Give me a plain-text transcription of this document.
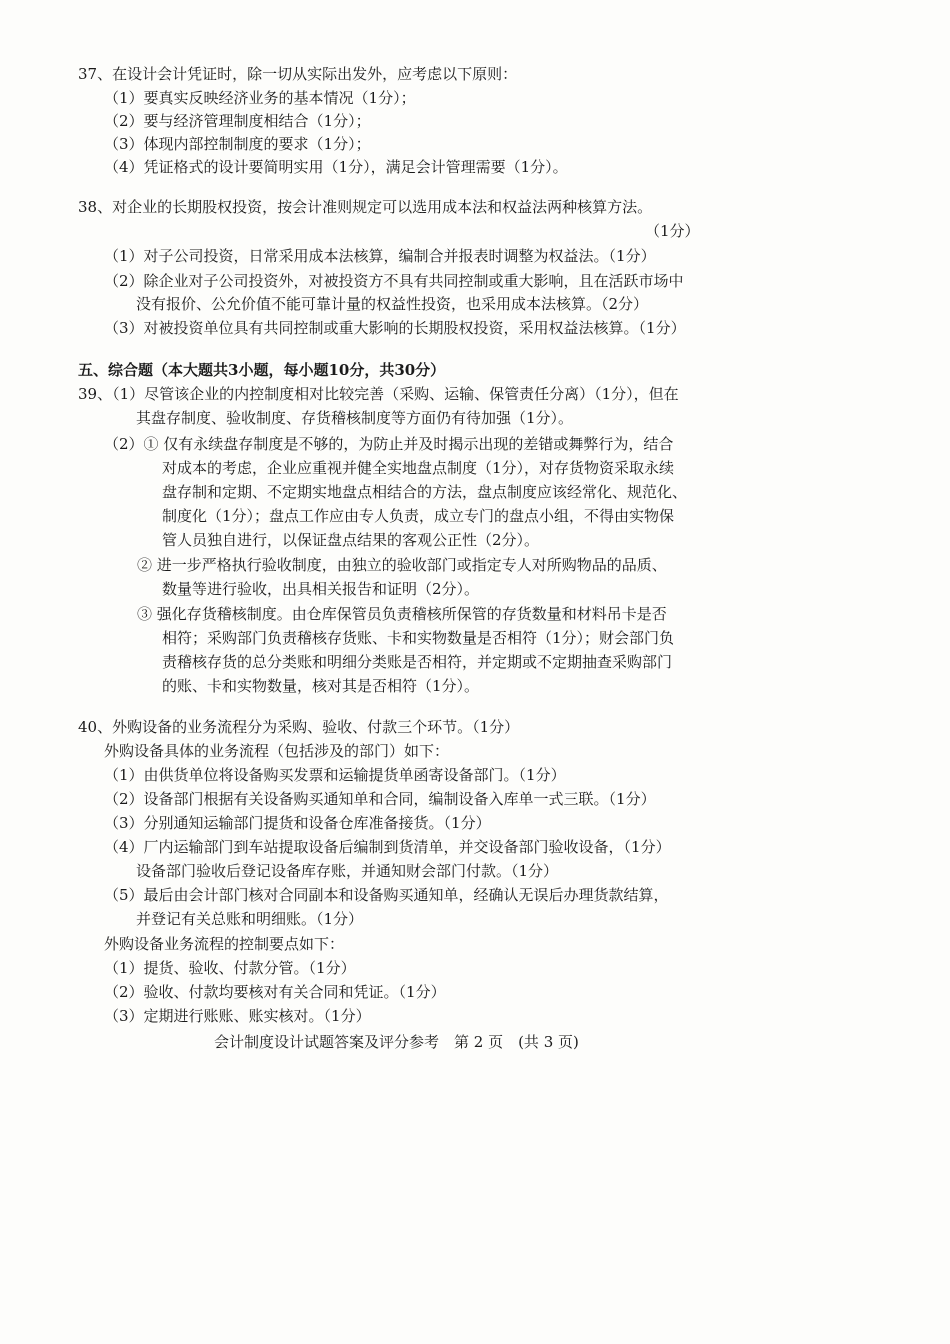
37、在设计会计凭证时，除一切从实际出发外，应考虑以下原则：
（1）要真实反映经济业务的基本情况（1分）；
（2）要与经济管理制度相结合（1分）；
（3）体现内部控制制度的要求（1分）；
（4）凭证格式的设计要简明实用（1分），满足会计管理需要（1分）。
38、对企业的长期股权投资，按会计准则规定可以选用成本法和权益法两种核算方法。
（1分）
（1）对子公司投资，日常采用成本法核算，编制合并报表时调整为权益法。（1分）
（2）除企业对子公司投资外，对被投资方不具有共同控制或重大影响，且在活跃市场中
没有报价、公允价值不能可靠计量的权益性投资，也采用成本法核算。（2分）
（3）对被投资单位具有共同控制或重大影响的长期股权投资，采用权益法核算。（1分）
五、综合题（本大题共3小题，每小题10分，共30分）
39、（1）尽管该企业的内控制度相对比较完善（采购、运输、保管责任分离）（1分），但在
其盘存制度、验收制度、存货稽核制度等方面仍有待加强（1分）。
（2）① 仅有永续盘存制度是不够的，为防止并及时揭示出现的差错或舞弊行为，结合
对成本的考虑，企业应重视并健全实地盘点制度（1分），对存货物资采取永续
盘存制和定期、不定期实地盘点相结合的方法，盘点制度应该经常化、规范化、
制度化（1分）；盘点工作应由专人负责，成立专门的盘点小组，不得由实物保
管人员独自进行，以保证盘点结果的客观公正性（2分）。
② 进一步严格执行验收制度，由独立的验收部门或指定专人对所购物品的品质、
数量等进行验收，出具相关报告和证明（2分）。
③ 强化存货稽核制度。由仓库保管员负责稽核所保管的存货数量和材料吊卡是否
相符；采购部门负责稽核存货账、卡和实物数量是否相符（1分）；财会部门负
责稽核存货的总分类账和明细分类账是否相符，并定期或不定期抽查采购部门
的账、卡和实物数量，核对其是否相符（1分）。
40、外购设备的业务流程分为采购、验收、付款三个环节。（1分）
外购设备具体的业务流程（包括涉及的部门）如下：
（1）由供货单位将设备购买发票和运输提货单函寄设备部门。（1分）
（2）设备部门根据有关设备购买通知单和合同，编制设备入库单一式三联。（1分）
（3）分别通知运输部门提货和设备仓库准备接货。（1分）
（4）厂内运输部门到车站提取设备后编制到货清单，并交设备部门验收设备，（1分）
设备部门验收后登记设备库存账，并通知财会部门付款。（1分）
（5）最后由会计部门核对合同副本和设备购买通知单，经确认无误后办理货款结算，
并登记有关总账和明细账。（1分）
外购设备业务流程的控制要点如下：
（1）提货、验收、付款分管。（1分）
（2）验收、付款均要核对有关合同和凭证。（1分）
（3）定期进行账账、账实核对。（1分）
会计制度设计试题答案及评分参考　第 2 页　(共 3 页)
